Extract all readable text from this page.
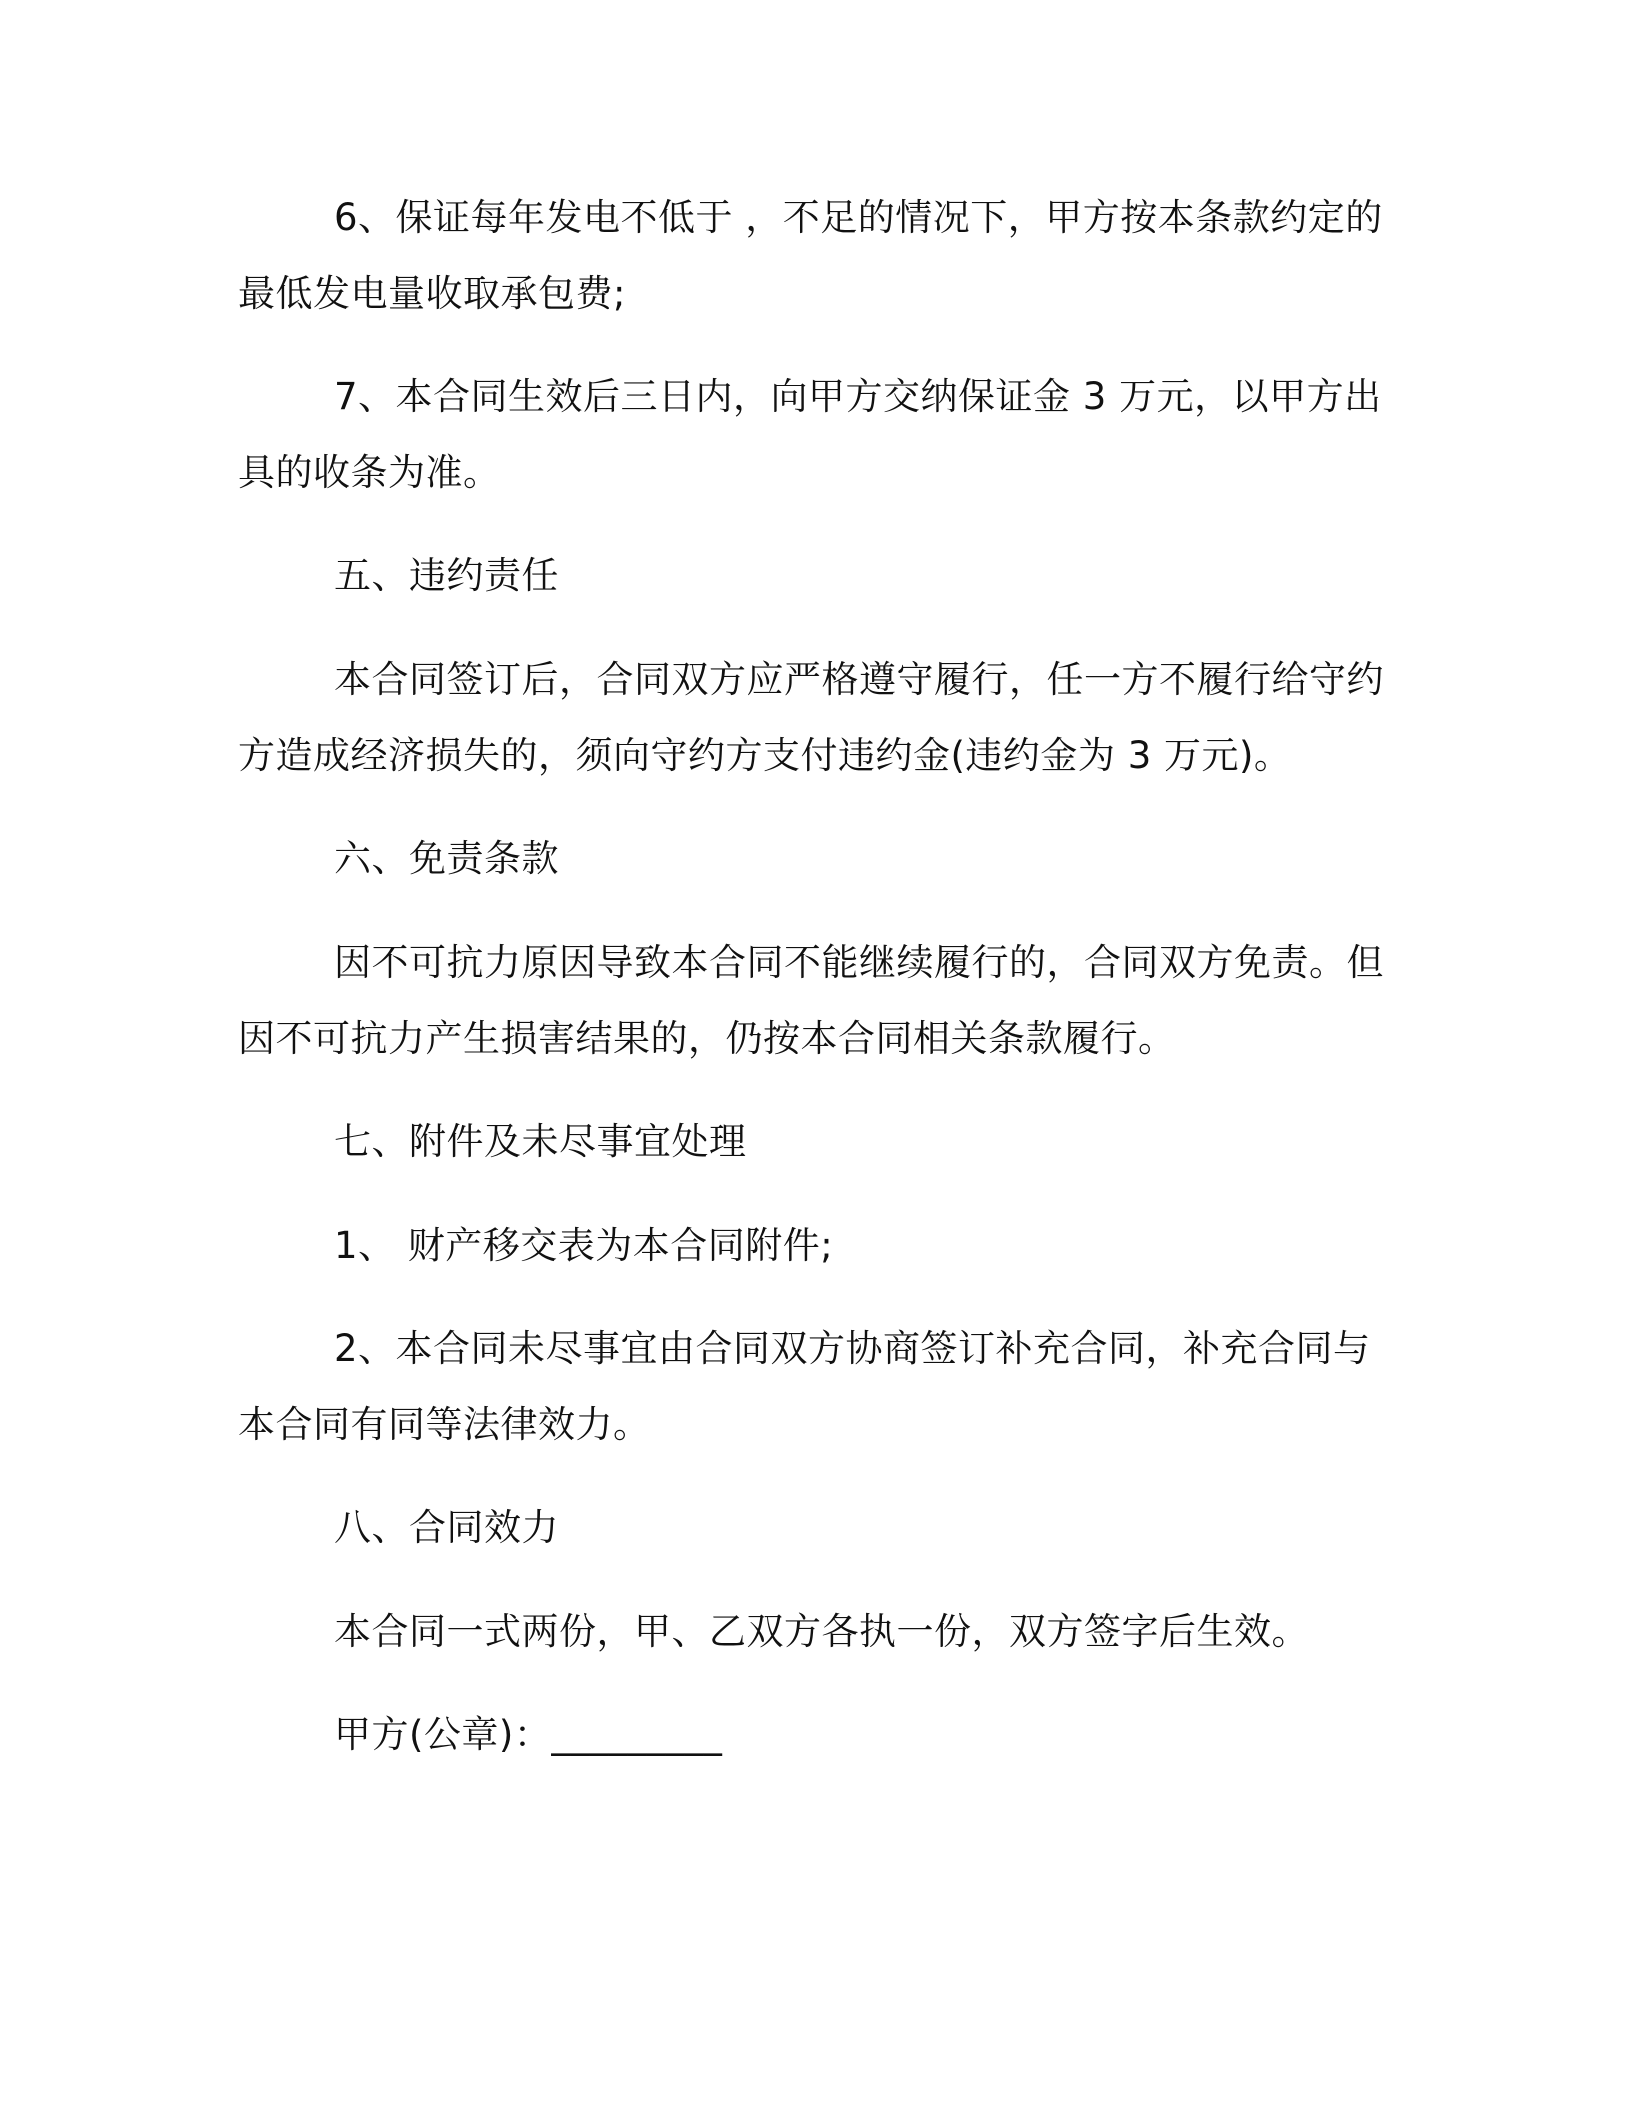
6、保证每年发电不低于 ，不足的情况下，甲方按本条款约定的
最低发电量收取承包费;
7、本合同生效后三日内，向甲方交纳保证金 3 万元，以甲方出
具的收条为准。
五、违约责任
本合同签订后，合同双方应严格遵守履行，任一方不履行给守约
方造成经济损失的，须向守约方支付违约金(违约金为 3 万元)。
六、免责条款
因不可抗力原因导致本合同不能继续履行的，合同双方免责。但
因不可抗力产生损害结果的，仍按本合同相关条款履行。
七、附件及未尽事宜处理
1、 财产移交表为本合同附件;
2、本合同未尽事宜由合同双方协商签订补充合同，补充合同与
本合同有同等法律效力。
八、合同效力
本合同一式两份，甲、乙双方各执一份，双方签字后生效。
甲方(公章)：_________
